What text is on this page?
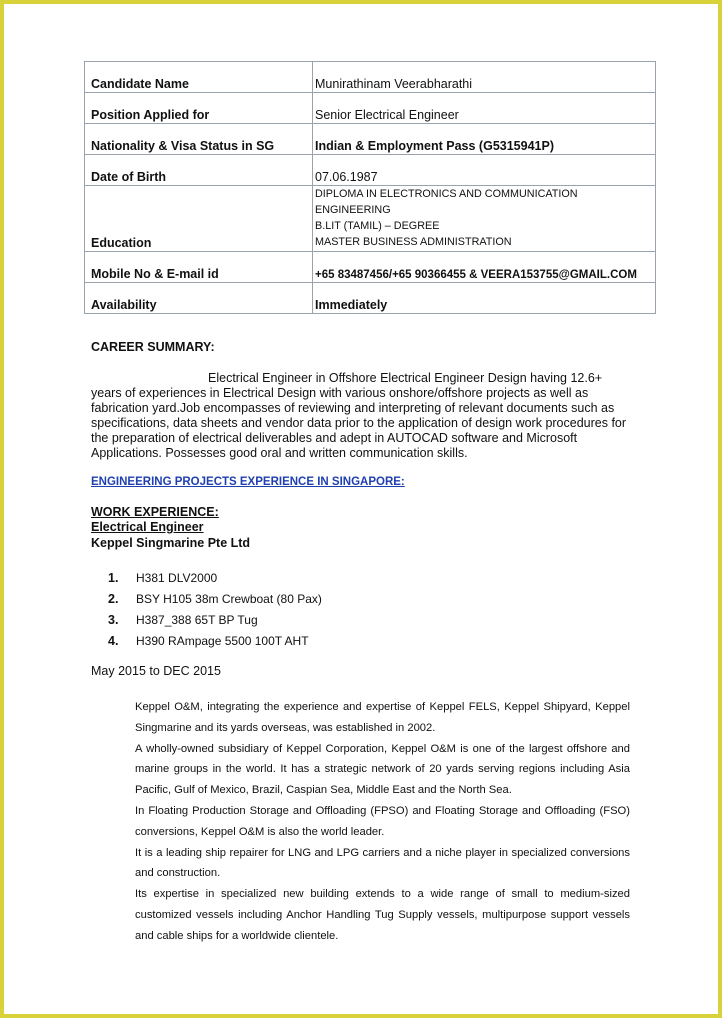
Candidate Name	Munirathinam Veerabharathi
Position Applied for	Senior Electrical Engineer
Nationality & Visa Status in SG	Indian & Employment Pass (G5315941P)
Date of Birth	07.06.1987
Education	DIPLOMA IN ELECTRONICS AND COMMUNICATION
ENGINEERING
B.LIT (TAMIL) – DEGREE
MASTER BUSINESS ADMINISTRATION

Mobile No & E-mail id	+65 83487456/+65 90366455 & VEERA153755@GMAIL.COM
Availability	Immediately
CAREER SUMMARY:
Electrical Engineer in Offshore Electrical Engineer Design having 12.6+ years of experiences in Electrical Design with various onshore/offshore projects as well as fabrication yard.Job encompasses of reviewing and interpreting of relevant documents such as specifications, data sheets and vendor data prior to the application of design work procedures for the preparation of electrical deliverables and adept in AUTOCAD software and Microsoft Applications. Possesses good oral and written communication skills.
ENGINEERING PROJECTS EXPERIENCE IN SINGAPORE:
WORK EXPERIENCE:
Electrical Engineer
Keppel Singmarine Pte Ltd
1. H381 DLV2000
2. BSY H105 38m Crewboat (80 Pax)
3. H387_388 65T BP Tug
4. H390 RAmpage 5500 100T AHT
May 2015 to DEC 2015

Keppel O&M, integrating the experience and expertise of Keppel FELS, Keppel Shipyard, Keppel Singmarine and its yards overseas, was established in 2002.

A wholly-owned subsidiary of Keppel Corporation, Keppel O&M is one of the largest offshore and marine groups in the world. It has a strategic network of 20 yards serving regions including Asia Pacific, Gulf of Mexico, Brazil, Caspian Sea, Middle East and the North Sea.

In Floating Production Storage and Offloading (FPSO) and Floating Storage and Offloading (FSO) conversions, Keppel O&M is also the world leader.

It is a leading ship repairer for LNG and LPG carriers and a niche player in specialized conversions and construction.

Its expertise in specialized new building extends to a wide range of small to medium-sized customized vessels including Anchor Handling Tug Supply vessels, multipurpose support vessels and cable ships for a worldwide clientele.
